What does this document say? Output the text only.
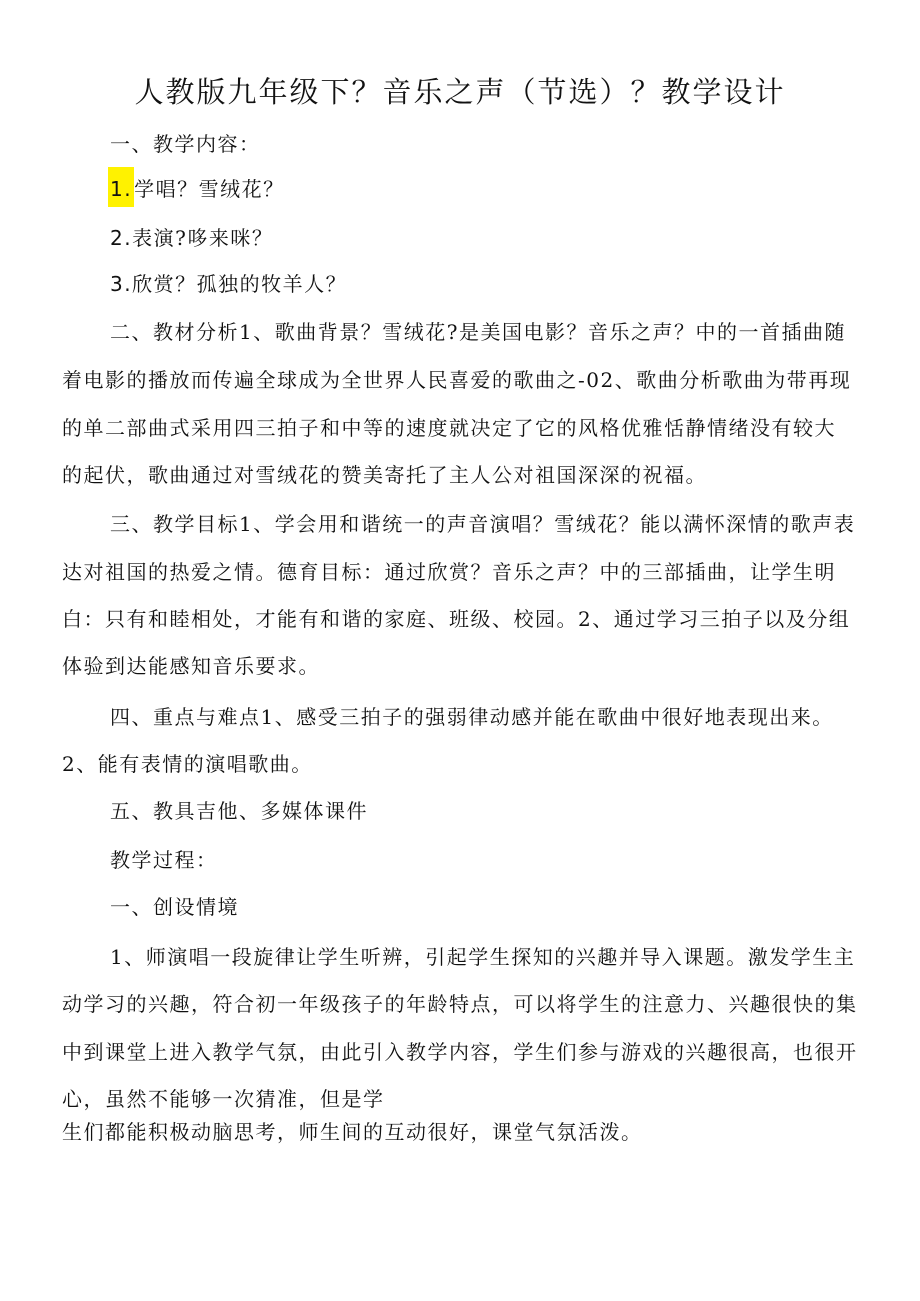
人教版九年级下？音乐之声（节选）？教学设计
一、教学内容：
1. 学唱？雪绒花？
2.表演?哆来咪？
3.欣赏？孤独的牧羊人？
二、教材分析1、歌曲背景？雪绒花?是美国电影？音乐之声？中的一首插曲随
着电影的播放而传遍全球成为全世界人民喜爱的歌曲之-02、歌曲分析歌曲为带再现
的单二部曲式采用四三拍子和中等的速度就决定了它的风格优雅恬静情绪没有较大
的起伏，歌曲通过对雪绒花的赞美寄托了主人公对祖国深深的祝福。
三、教学目标1、学会用和谐统一的声音演唱？雪绒花？能以满怀深情的歌声表
达对祖国的热爱之情。德育目标：通过欣赏？音乐之声？中的三部插曲，让学生明
白：只有和睦相处，才能有和谐的家庭、班级、校园。2、通过学习三拍子以及分组
体验到达能感知音乐要求。
四、重点与难点1、感受三拍子的强弱律动感并能在歌曲中很好地表现出来。
2、能有表情的演唱歌曲。
五、教具吉他、多媒体课件
教学过程：
一、创设情境
1、师演唱一段旋律让学生听辨，引起学生探知的兴趣并导入课题。激发学生主
动学习的兴趣，符合初一年级孩子的年龄特点，可以将学生的注意力、兴趣很快的集
中到课堂上进入教学气氛，由此引入教学内容，学生们参与游戏的兴趣很高，也很开
心，虽然不能够一次猜准，但是学
生们都能积极动脑思考，师生间的互动很好，课堂气氛活泼。
